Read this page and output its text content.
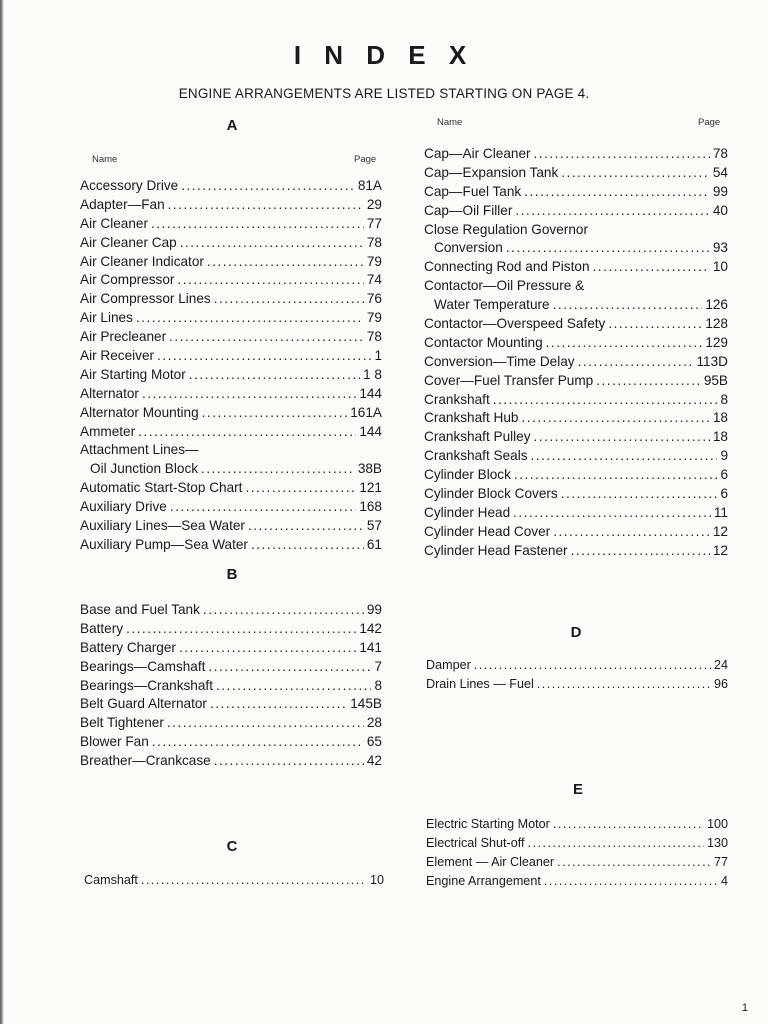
I N D E X
ENGINE ARRANGEMENTS ARE LISTED STARTING ON PAGE 4.
A
Name	Page
Accessory Drive .....	81A
Adapter—Fan .....	29
Air Cleaner .....	77
Air Cleaner Cap .....	78
Air Cleaner Indicator .....	79
Air Compressor .....	74
Air Compressor Lines .....	76
Air Lines .....	79
Air Precleaner .....	78
Air Receiver .....	1
Air Starting Motor .....	1 8
Alternator .....	144
Alternator Mounting .....	161A
Ammeter .....	144
Attachment Lines—
Oil Junction Block .....	38B
Automatic Start-Stop Chart .....	121
Auxiliary Drive .....	168
Auxiliary Lines—Sea Water .....	57
Auxiliary Pump—Sea Water .....	61
B
Base and Fuel Tank .....	99
Battery .....	142
Battery Charger .....	141
Bearings—Camshaft .....	7
Bearings—Crankshaft .....	8
Belt Guard Alternator .....	145B
Belt Tightener .....	28
Blower Fan .....	65
Breather—Crankcase .....	42
C
Camshaft .....	10
Name	Page
Cap—Air Cleaner .....	78
Cap—Expansion Tank .....	54
Cap—Fuel Tank .....	99
Cap—Oil Filler .....	40
Close Regulation Governor
Conversion .....	93
Connecting Rod and Piston .....	10
Contactor—Oil Pressure &
Water Temperature .....	126
Contactor—Overspeed Safety .....	128
Contactor Mounting .....	129
Conversion—Time Delay .....	113D
Cover—Fuel Transfer Pump .....	95B
Crankshaft .....	8
Crankshaft Hub .....	18
Crankshaft Pulley .....	18
Crankshaft Seals .....	9
Cylinder Block .....	6
Cylinder Block Covers .....	6
Cylinder Head .....	11
Cylinder Head Cover .....	12
Cylinder Head Fastener .....	12
D
Damper .....	24
Drain Lines — Fuel .....	96
E
Electric Starting Motor .....	100
Electrical Shut-off .....	130
Element — Air Cleaner .....	77
Engine Arrangement .....	4
1
